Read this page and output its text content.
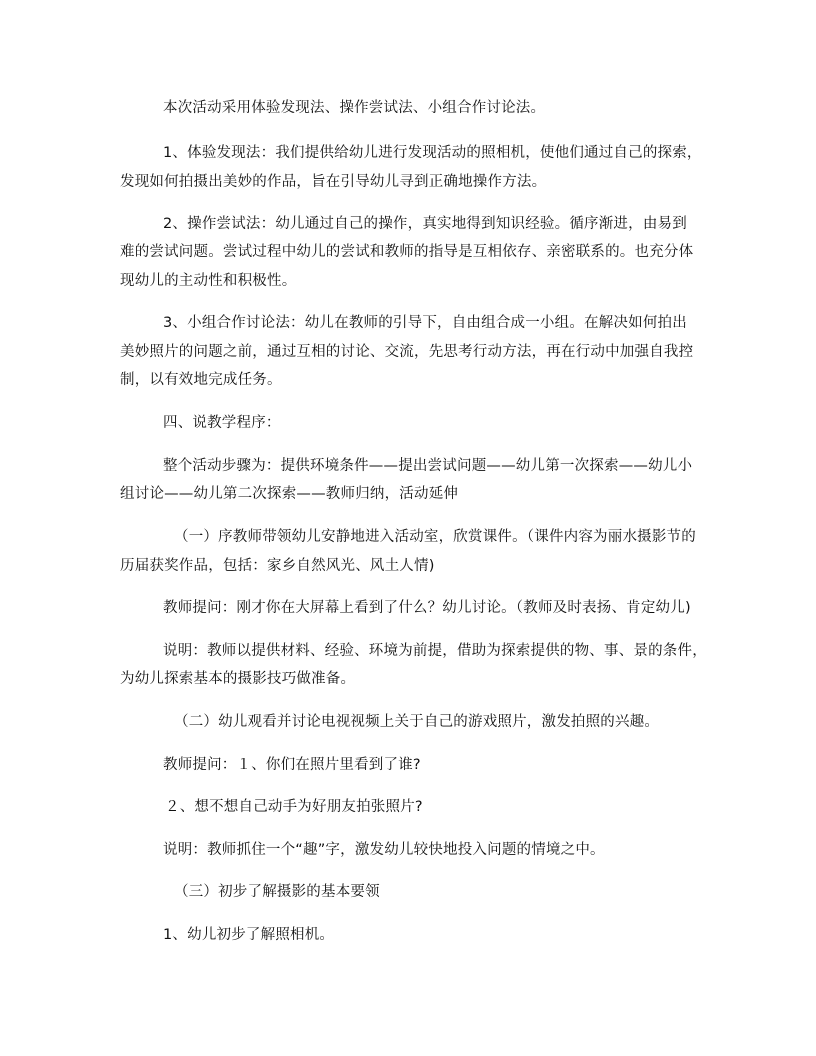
本次活动采用体验发现法、操作尝试法、小组合作讨论法。
1、体验发现法：我们提供给幼儿进行发现活动的照相机，使他们通过自己的探索，
发现如何拍摄出美妙的作品，旨在引导幼儿寻到正确地操作方法。
2、操作尝试法：幼儿通过自己的操作，真实地得到知识经验。循序渐进，由易到
难的尝试问题。尝试过程中幼儿的尝试和教师的指导是互相依存、亲密联系的。也充分体
现幼儿的主动性和积极性。
3、小组合作讨论法：幼儿在教师的引导下，自由组合成一小组。在解决如何拍出
美妙照片的问题之前，通过互相的讨论、交流，先思考行动方法，再在行动中加强自我控
制，以有效地完成任务。
四、说教学程序：
整个活动步骤为：提供环境条件——提出尝试问题——幼儿第一次探索——幼儿小
组讨论——幼儿第二次探索——教师归纳，活动延伸
（一）序教师带领幼儿安静地进入活动室，欣赏课件。（课件内容为丽水摄影节的
历届获奖作品，包括：家乡自然风光、风土人情)
教师提问：刚才你在大屏幕上看到了什么？幼儿讨论。（教师及时表扬、肯定幼儿)
说明：教师以提供材料、经验、环境为前提，借助为探索提供的物、事、景的条件，
为幼儿探索基本的摄影技巧做准备。
（二）幼儿观看并讨论电视视频上关于自己的游戏照片，激发拍照的兴趣。
教师提问：１、你们在照片里看到了谁?
２、想不想自己动手为好朋友拍张照片?
说明：教师抓住一个“趣”字，激发幼儿较快地投入问题的情境之中。
（三）初步了解摄影的基本要领
1、幼儿初步了解照相机。
